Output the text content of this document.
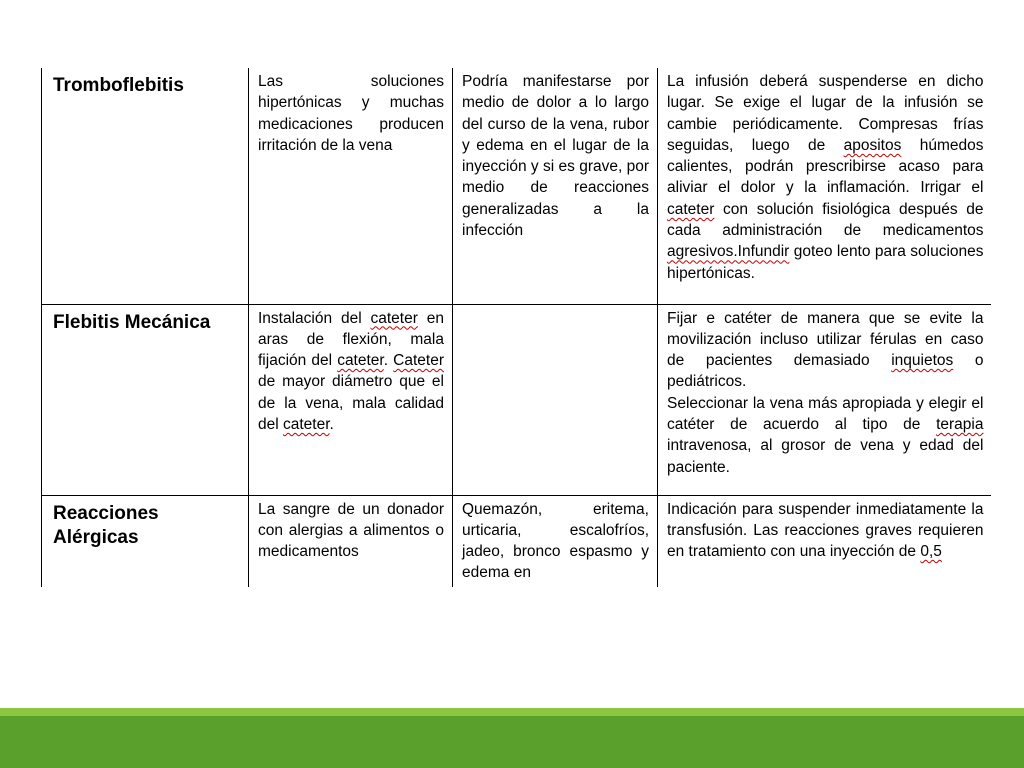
Tromboflebitis	Las soluciones hipertónicas y muchas medicaciones producen irritación de la vena	Podría manifestarse por medio de dolor a lo largo del curso de la vena, rubor y edema en el lugar de la inyección y si es grave, por medio de reacciones generalizadas a la infección	La infusión deberá suspenderse en dicho lugar. Se exige el lugar de la infusión se cambie periódicamente. Compresas frías seguidas, luego de apositos húmedos calientes, podrán prescribirse acaso para aliviar el dolor y la inflamación. Irrigar el cateter con solución fisiológica después de cada administración de medicamentos agresivos.Infundir goteo lento para soluciones hipertónicas.
Flebitis Mecánica	Instalación del cateter en aras de flexión, mala fijación del cateter. Cateter de mayor diámetro que el de la vena, mala calidad del cateter.		Fijar e catéter de manera que se evite la movilización incluso utilizar férulas en caso de pacientes demasiado inquietos o pediátricos.
Seleccionar la vena más apropiada y elegir el catéter de acuerdo al tipo de terapia intravenosa, al grosor de vena y edad del paciente.

Reacciones Alérgicas	La sangre de un donador con alergias a alimentos o medicamentos	Quemazón, eritema, urticaria, escalofríos, jadeo, bronco espasmo y edema en	Indicación para suspender inmediatamente la transfusión. Las reacciones graves requieren en tratamiento con una inyección de 0,5
